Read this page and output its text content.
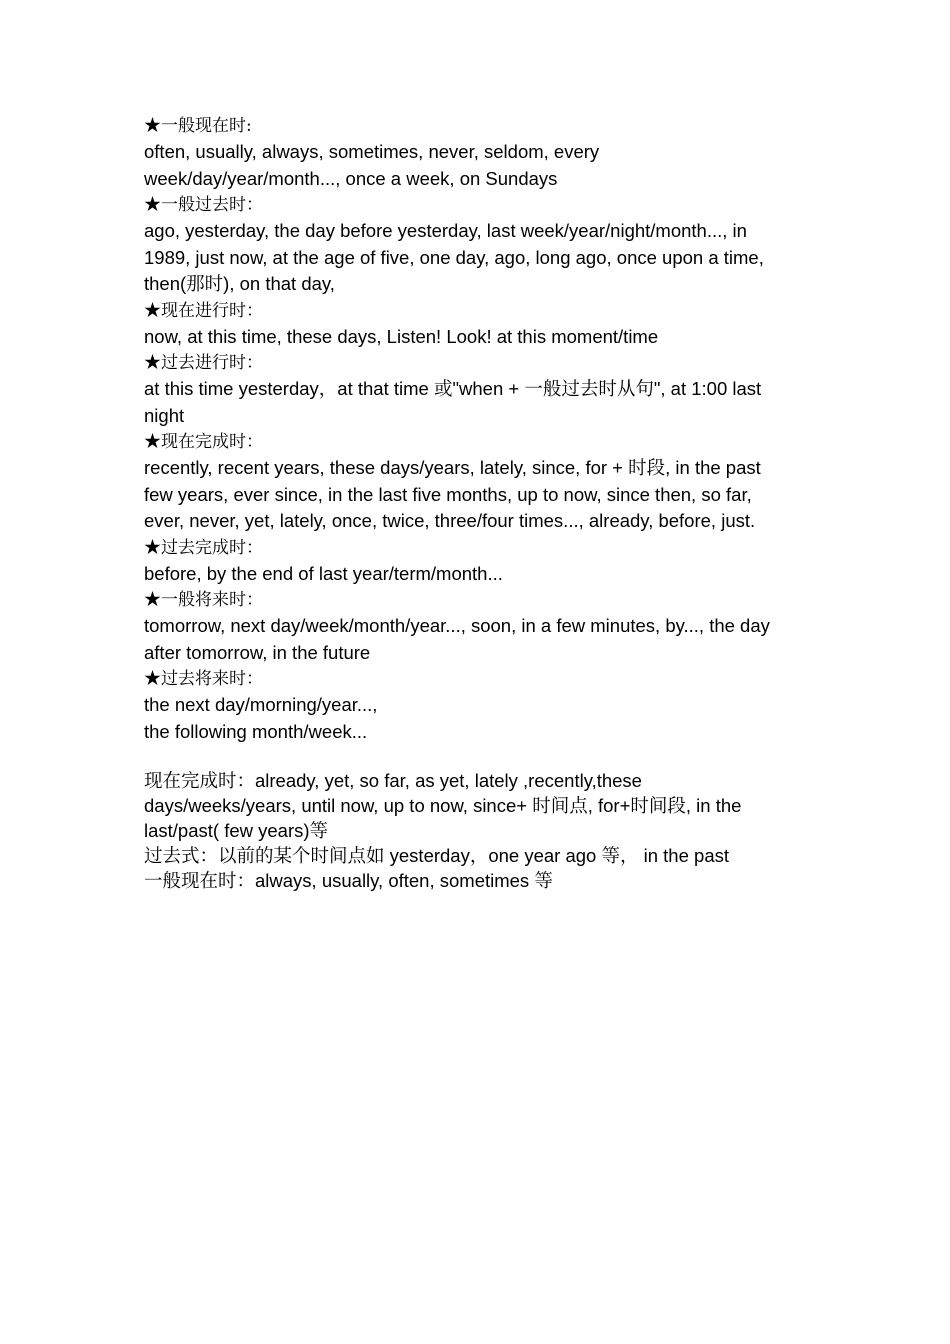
★一般现在时:
often, usually, always, sometimes, never, seldom, every
week/day/year/month..., once a week, on Sundays
★一般过去时：
ago, yesterday, the day before yesterday, last week/year/night/month..., in
1989, just now, at the age of five, one day, ago, long ago, once upon a time,
then(那时), on that day,
★现在进行时：
now, at this time, these days, Listen! Look! at this moment/time
★过去进行时：
at this time yesterday，at that time 或"when + 一般过去时从句", at 1:00 last
night
★现在完成时：
recently, recent years, these days/years, lately, since, for + 时段, in the past
few years, ever since, in the last five months, up to now, since then, so far,
ever, never, yet, lately, once, twice, three/four times..., already, before, just.
★过去完成时：
before, by the end of last year/term/month...
★一般将来时：
tomorrow, next day/week/month/year..., soon, in a few minutes, by..., the day
after tomorrow, in the future
★过去将来时：
the next day/morning/year...,
the following month/week...
现在完成时：already, yet, so far, as yet, lately ,recently,these
days/weeks/years, until now, up to now, since+ 时间点, for+时间段, in the
last/past( few years)等
过去式：以前的某个时间点如 yesterday，one year ago 等， in the past
一般现在时：always, usually, often, sometimes 等
